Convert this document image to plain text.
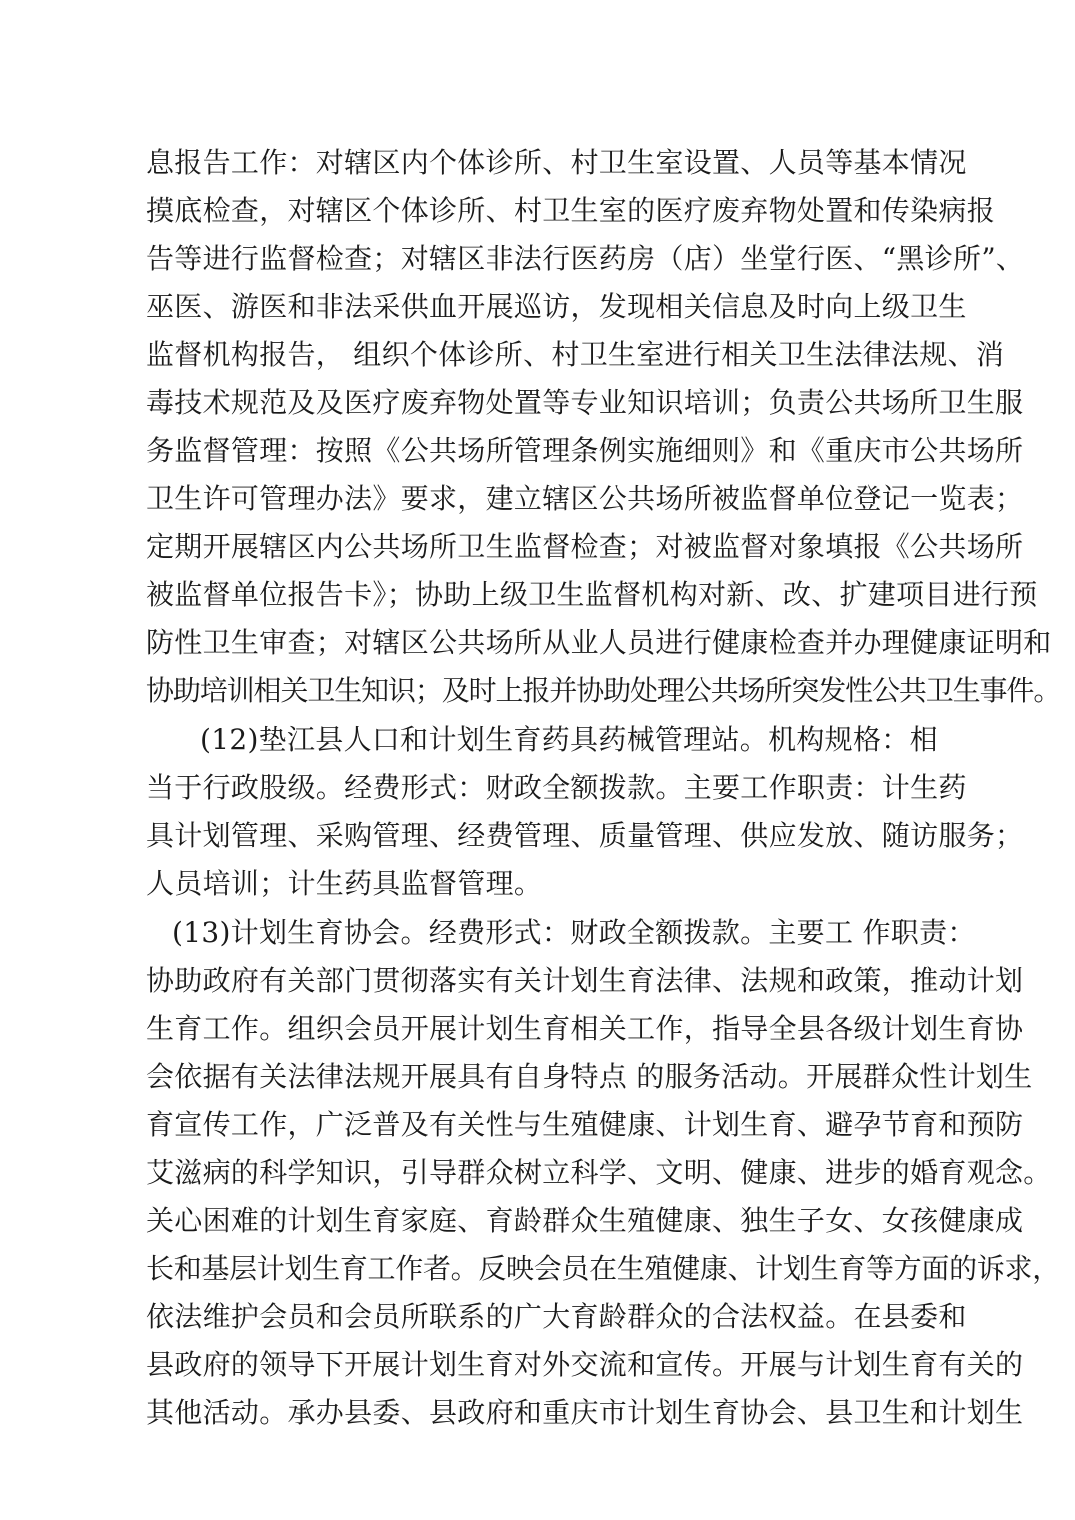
息报告工作：对辖区内个体诊所、村卫生室设置、人员等基本情况
摸底检查，对辖区个体诊所、村卫生室的医疗废弃物处置和传染病报
告等进行监督检查；对辖区非法行医药房（店）坐堂行医、“黑诊所”、
巫医、游医和非法采供血开展巡访，发现相关信息及时向上级卫生
监督机构报告， 组织个体诊所、村卫生室进行相关卫生法律法规、消
毒技术规范及及医疗废弃物处置等专业知识培训；负责公共场所卫生服
务监督管理：按照《公共场所管理条例实施细则》和《重庆市公共场所
卫生许可管理办法》要求，建立辖区公共场所被监督单位登记一览表；
定期开展辖区内公共场所卫生监督检查；对被监督对象填报《公共场所
被监督单位报告卡》；协助上级卫生监督机构对新、改、扩建项目进行预
防性卫生审查；对辖区公共场所从业人员进行健康检查并办理健康证明和
协助培训相关卫生知识；及时上报并协助处理公共场所突发性公共卫生事件。
(12)垫江县人口和计划生育药具药械管理站。机构规格：相
当于行政股级。经费形式：财政全额拨款。主要工作职责：计生药
具计划管理、采购管理、经费管理、质量管理、供应发放、随访服务；
人员培训；计生药具监督管理。
(13)计划生育协会。经费形式：财政全额拨款。主要工 作职责：
协助政府有关部门贯彻落实有关计划生育法律、法规和政策，推动计划
生育工作。组织会员开展计划生育相关工作，指导全县各级计划生育协
会依据有关法律法规开展具有自身特点 的服务活动。开展群众性计划生
育宣传工作，广泛普及有关性与生殖健康、计划生育、避孕节育和预防
艾滋病的科学知识，引导群众树立科学、文明、健康、进步的婚育观念。
关心困难的计划生育家庭、育龄群众生殖健康、独生子女、女孩健康成
长和基层计划生育工作者。反映会员在生殖健康、计划生育等方面的诉求，
依法维护会员和会员所联系的广大育龄群众的合法权益。在县委和
县政府的领导下开展计划生育对外交流和宣传。开展与计划生育有关的
其他活动。承办县委、县政府和重庆市计划生育协会、县卫生和计划生
